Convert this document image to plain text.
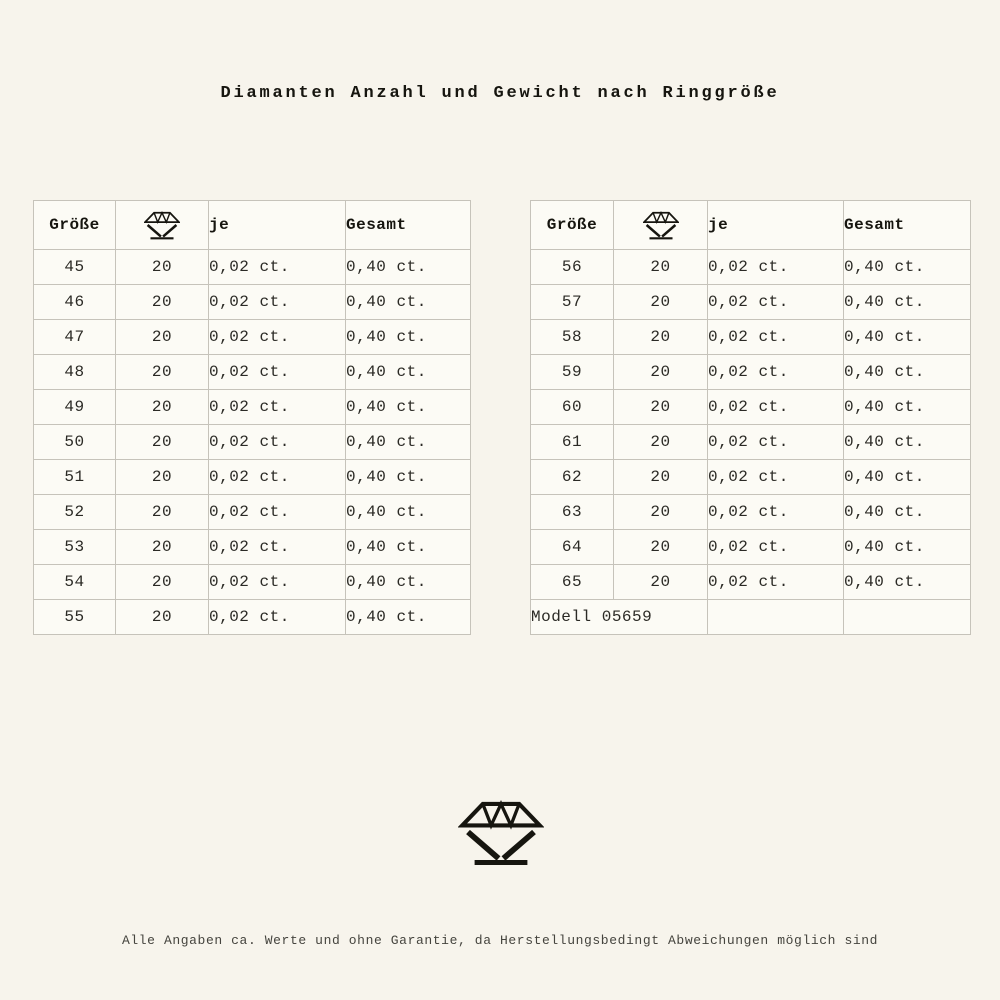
Diamanten Anzahl und Gewicht nach Ringgröße
Größe		je	Gesamt
45	20	0,02 ct.	0,40 ct.
46	20	0,02 ct.	0,40 ct.
47	20	0,02 ct.	0,40 ct.
48	20	0,02 ct.	0,40 ct.
49	20	0,02 ct.	0,40 ct.
50	20	0,02 ct.	0,40 ct.
51	20	0,02 ct.	0,40 ct.
52	20	0,02 ct.	0,40 ct.
53	20	0,02 ct.	0,40 ct.
54	20	0,02 ct.	0,40 ct.
55	20	0,02 ct.	0,40 ct.
Größe		je	Gesamt
56	20	0,02 ct.	0,40 ct.
57	20	0,02 ct.	0,40 ct.
58	20	0,02 ct.	0,40 ct.
59	20	0,02 ct.	0,40 ct.
60	20	0,02 ct.	0,40 ct.
61	20	0,02 ct.	0,40 ct.
62	20	0,02 ct.	0,40 ct.
63	20	0,02 ct.	0,40 ct.
64	20	0,02 ct.	0,40 ct.
65	20	0,02 ct.	0,40 ct.
Modell 05659			
Alle Angaben ca. Werte und ohne Garantie, da Herstellungsbedingt Abweichungen möglich sind
